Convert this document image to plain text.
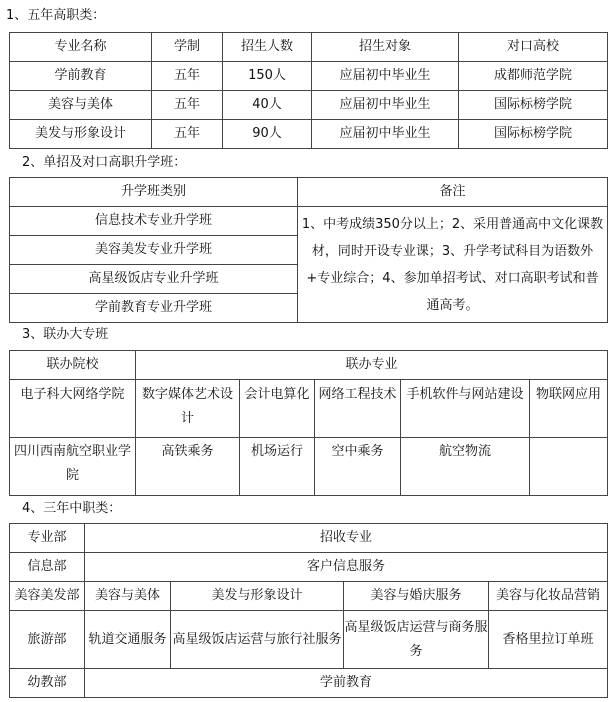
1、五年高职类：
专业名称	学制	招生人数	招生对象	对口高校
学前教育	五年	150人	应届初中毕业生	成都师范学院
美容与美体	五年	40人	应届初中毕业生	国际标榜学院
美发与形象设计	五年	90人	应届初中毕业生	国际标榜学院
2、单招及对口高职升学班：
升学班类别	备注
信息技术专业升学班	1、中考成绩350分以上；2、采用普通高中文化课教材，同时开设专业课；3、升学考试科目为语数外+专业综合；4、参加单招考试、对口高职考试和普通高考。
美容美发专业升学班	
高星级饭店专业升学班	
学前教育专业升学班	
3、联办大专班
联办院校	联办专业				
电子科大网络学院	数字媒体艺术设计	会计电算化	网络工程技术	手机软件与网站建设	物联网应用
四川西南航空职业学院	高铁乘务	机场运行	空中乘务	航空物流	
4、三年中职类：
专业部	招收专业			
信息部	客户信息服务			
美容美发部	美容与美体	美发与形象设计	美容与婚庆服务	美容与化妆品营销
旅游部	轨道交通服务	高星级饭店运营与旅行社服务	高星级饭店运营与商务服务	香格里拉订单班
幼教部	学前教育			
